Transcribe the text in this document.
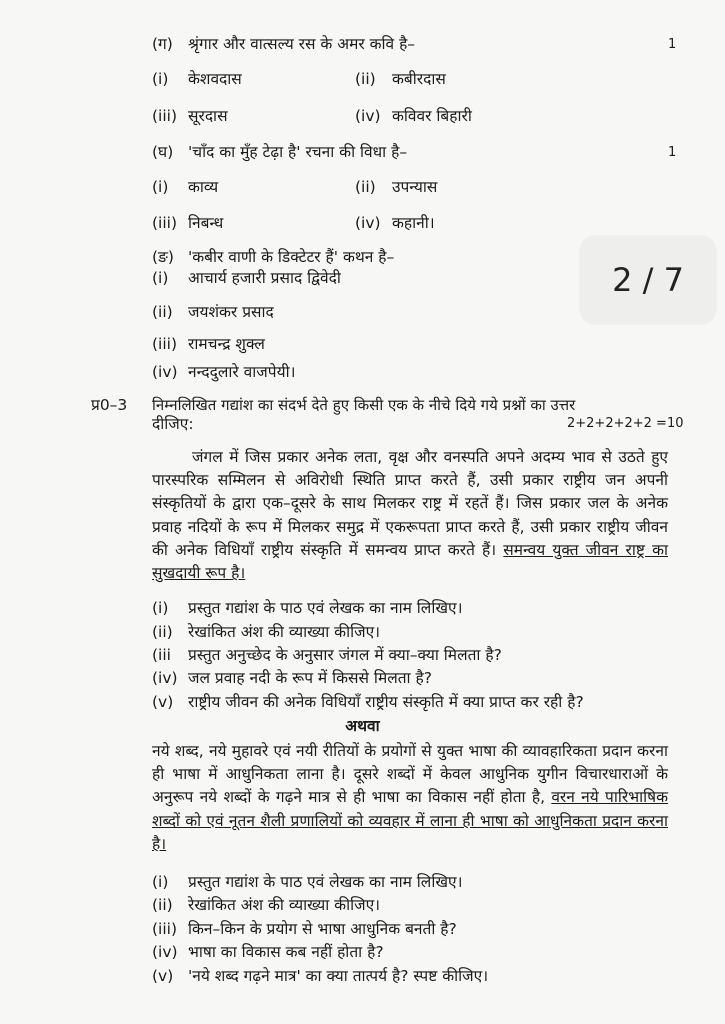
2 / 7
(ग) श्रृंगार और वात्सल्य रस के अमर कवि है–	1
(i) केशवदास	(ii) कबीरदास
(iii) सूरदास	(iv) कविवर बिहारी
(घ) 'चाँद का मुँह टेढ़ा है' रचना की विधा है–	1
(i) काव्य	(ii) उपन्यास
(iii) निबन्ध	(iv) कहानी।
(ङ) 'कबीर वाणी के डिक्टेटर हैं' कथन है–
(i) आचार्य हजारी प्रसाद द्विवेदी
(ii) जयशंकर प्रसाद
(iii) रामचन्द्र शुक्ल
(iv) नन्ददुलारे वाजपेयी।
प्र0–3 निम्नलिखित गद्यांश का संदर्भ देते हुए किसी एक के नीचे दिये गये प्रश्नों का उत्तर
दीजिए:	2+2+2+2+2 =10
जंगल में जिस प्रकार अनेक लता, वृक्ष और वनस्पति अपने अदम्य भाव से उठते हुए पारस्परिक सम्मिलन से अविरोधी स्थिति प्राप्त करते हैं, उसी प्रकार राष्ट्रीय जन अपनी संस्कृतियों के द्वारा एक–दूसरे के साथ मिलकर राष्ट्र में रहतें हैं। जिस प्रकार जल के अनेक प्रवाह नदियों के रूप में मिलकर समुद्र में एकरूपता प्राप्त करते हैं, उसी प्रकार राष्ट्रीय जीवन की अनेक विधियाँ राष्ट्रीय संस्कृति में समन्वय प्राप्त करते हैं। समन्वय युक्त जीवन राष्ट्र का सुखदायी रूप है।
(i) प्रस्तुत गद्यांश के पाठ एवं लेखक का नाम लिखिए।
(ii) रेखांकित अंश की व्याख्या कीजिए।
(iii प्रस्तुत अनुच्छेद के अनुसार जंगल में क्या–क्या मिलता है?
(iv) जल प्रवाह नदी के रूप में किससे मिलता है?
(v) राष्ट्रीय जीवन की अनेक विधियाँ राष्ट्रीय संस्कृति में क्या प्राप्त कर रही है?
अथवा
नये शब्द, नये मुहावरे एवं नयी रीतियों के प्रयोगों से युक्त भाषा की व्यावहारिकता प्रदान करना ही भाषा में आधुनिकता लाना है। दूसरे शब्दों में केवल आधुनिक युगीन विचारधाराओं के अनुरूप नये शब्दों के गढ़ने मात्र से ही भाषा का विकास नहीं होता है, वरन नये पारिभाषिक शब्दों को एवं नूतन शैली प्रणालियों को व्यवहार में लाना ही भाषा को आधुनिकता प्रदान करना है।
(i) प्रस्तुत गद्यांश के पाठ एवं लेखक का नाम लिखिए।
(ii) रेखांकित अंश की व्याख्या कीजिए।
(iii) किन–किन के प्रयोग से भाषा आधुनिक बनती है?
(iv) भाषा का विकास कब नहीं होता है?
(v) 'नये शब्द गढ़ने मात्र' का क्या तात्पर्य है? स्पष्ट कीजिए।
